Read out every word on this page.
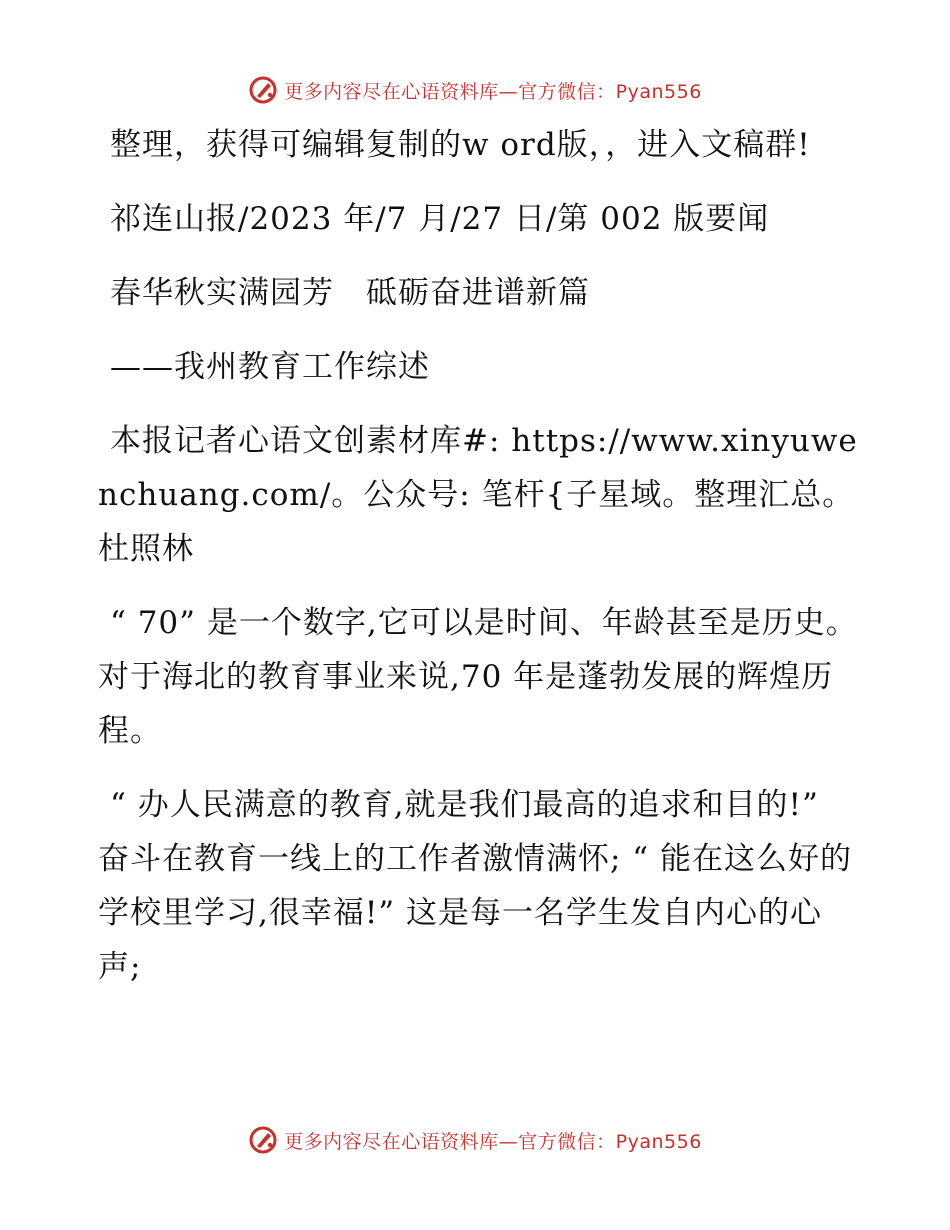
更多内容尽在心语资料库—官方微信：Pyan556

整理，获得可编辑复制的w ord版，，进入文稿群!

祁连山报/2023 年/7 月/27 日/第 002 版要闻

春华秋实满园芳　砥砺奋进谱新篇

——我州教育工作综述

本报记者心语文创素材库#: https://www.xinyuwenchuang.com/。公众号: 笔杆{子星域。整理汇总。　杜照林

“ 70” 是一个数字,它可以是时间、年龄甚至是历史。对于海北的教育事业来说,70 年是蓬勃发展的辉煌历程。

“ 办人民满意的教育,就是我们最高的追求和目的!” 奋斗在教育一线上的工作者激情满怀; “ 能在这么好的学校里学习,很幸福!” 这是每一名学生发自内心的心声;

更多内容尽在心语资料库—官方微信：Pyan556
